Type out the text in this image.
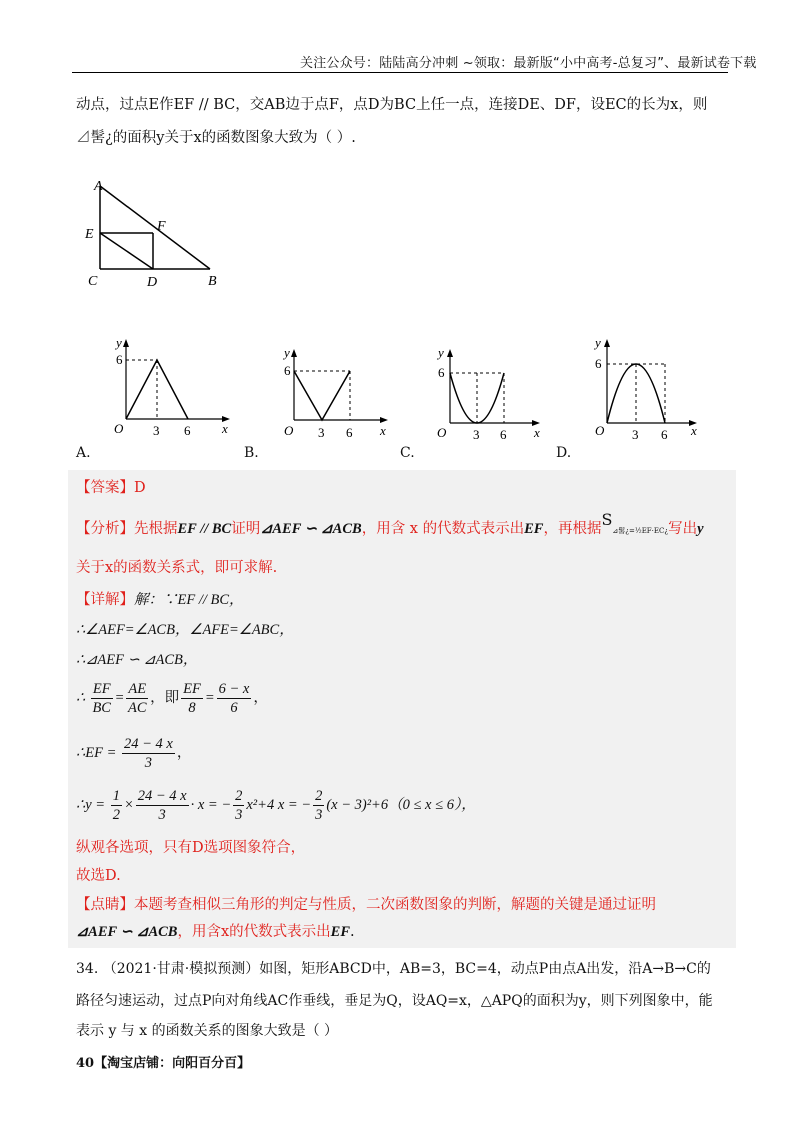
关注公众号：陆陆高分冲刺 ~领取：最新版“小中高考-总复习”、最新试卷下载
动点，过点E作EF // BC，交AB边于点F，点D为BC上任一点，连接DE、DF，设EC的长为x，则
⊿髺¿的面积y关于x的函数图象大致为（ ）.
A
E
F
C	D	B
y
6
O 3 6 x
A.
y
6
O 3 6 x
B.
y
6
O 3 6 x
C.
y
6
O 3 6 x
D.
【答案】D
【分析】先根据EF // BC证明⊿AEF ∽ ⊿ACB，用含 x 的代数式表示出EF，再根据S⊿髺¿=½EF·EC¿写出y
关于x的函数关系式，即可求解.
【详解】解：∵EF // BC，
∴∠AEF=∠ACB，∠AFE=∠ABC，
∴⊿AEF ∽ ⊿ACB，
∴ $\frac{EF}{BC} = \frac{AE}{AC}$ ，即 $\frac{EF}{8} = \frac{6 - x}{6}$ ，
∴EF = $\frac{24 - 4 x}{3}$ ，
∴y = $\frac{1}{2} \times \frac{24 - 4 x}{3} \cdot x$ = − $\frac{2}{3} x^2+4$ x = − $\frac{2}{3} (x - 3)^2+6(0 \le x \le 6)$，
纵观各选项，只有D选项图象符合，
故选D.
【点睛】本题考查相似三角形的判定与性质，二次函数图象的判断，解题的关键是通过证明
⊿AEF ∽ ⊿ACB，用含x的代数式表示出EF.
34. （2021·甘肃·模拟预测）如图，矩形ABCD中，AB=3，BC=4，动点P由点A出发，沿A→B→C的
路径匀速运动，过点P向对角线AC作垂线，垂足为Q，设AQ=x，△APQ的面积为y，则下列图象中，能
表示 y 与 x 的函数关系的图象大致是（ ）
40【淘宝店铺：向阳百分百】
